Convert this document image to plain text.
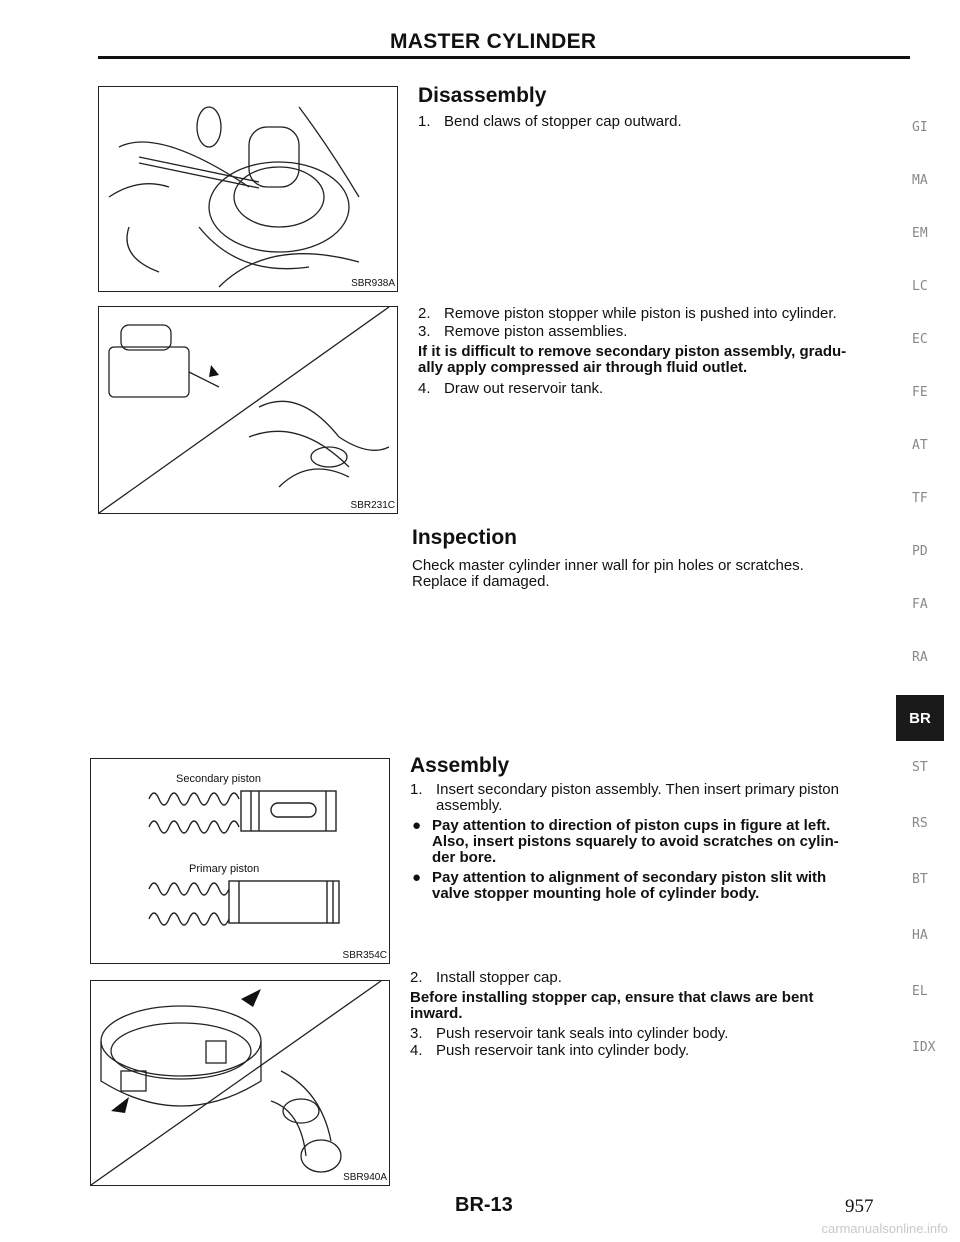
MASTER CYLINDER
SBR938A
SBR231C
Secondary piston
Primary piston
SBR354C
SBR940A
Disassembly
1. Bend claws of stopper cap outward.
2. Remove piston stopper while piston is pushed into cylinder.
3. Remove piston assemblies.
If it is difficult to remove secondary piston assembly, gradu-
ally apply compressed air through fluid outlet.
4. Draw out reservoir tank.
Inspection
Check master cylinder inner wall for pin holes or scratches.
Replace if damaged.
Assembly
1. Insert secondary piston assembly. Then insert primary piston
assembly.
● Pay attention to direction of piston cups in figure at left.
Also, insert pistons squarely to avoid scratches on cylin-
der bore.
● Pay attention to alignment of secondary piston slit with
valve stopper mounting hole of cylinder body.
2. Install stopper cap.
Before installing stopper cap, ensure that claws are bent
inward.
3. Push reservoir tank seals into cylinder body.
4. Push reservoir tank into cylinder body.
GI
MA
EM
LC
EC
FE
AT
TF
PD
FA
RA
BR
ST
RS
BT
HA
EL
IDX
BR-13	957
carmanualsonline.info
